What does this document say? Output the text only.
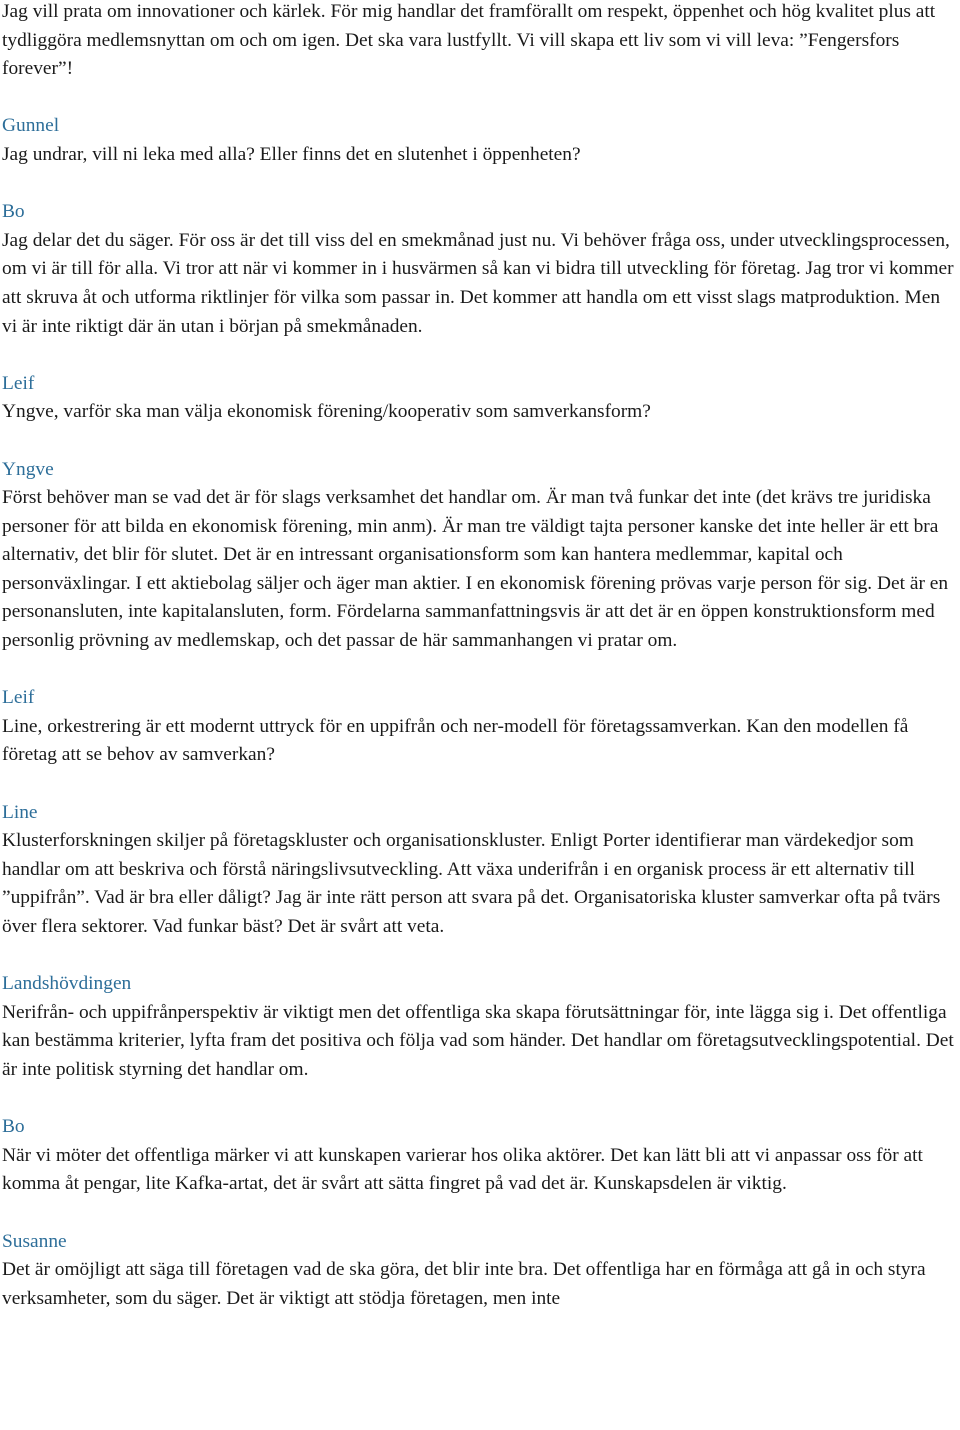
Jag vill prata om innovationer och kärlek. För mig handlar det framförallt om respekt, öppenhet och hög kvalitet plus att tydliggöra medlemsnyttan om och om igen. Det ska vara lustfyllt. Vi vill skapa ett liv som vi vill leva: ”Fengersfors forever”!

Gunnel

Jag undrar, vill ni leka med alla? Eller finns det en slutenhet i öppenheten?

Bo

Jag delar det du säger. För oss är det till viss del en smekmånad just nu. Vi behöver fråga oss, under utvecklingsprocessen, om vi är till för alla. Vi tror att när vi kommer in i husvärmen så kan vi bidra till utveckling för företag. Jag tror vi kommer att skruva åt och utforma riktlinjer för vilka som passar in. Det kommer att handla om ett visst slags matproduktion. Men vi är inte riktigt där än utan i början på smekmånaden.

Leif

Yngve, varför ska man välja ekonomisk förening/kooperativ som samverkansform?

Yngve

Först behöver man se vad det är för slags verksamhet det handlar om. Är man två funkar det inte (det krävs tre juridiska personer för att bilda en ekonomisk förening, min anm). Är man tre väldigt tajta personer kanske det inte heller är ett bra alternativ, det blir för slutet. Det är en intressant organisationsform som kan hantera medlemmar, kapital och personväxlingar. I ett aktiebolag säljer och äger man aktier. I en ekonomisk förening prövas varje person för sig. Det är en personansluten, inte kapitalansluten, form. Fördelarna sammanfattningsvis är att det är en öppen konstruktionsform med personlig prövning av medlemskap, och det passar de här sammanhangen vi pratar om.

Leif

Line, orkestrering är ett modernt uttryck för en uppifrån och ner-modell för företagssamverkan. Kan den modellen få företag att se behov av samverkan?

Line

Klusterforskningen skiljer på företagskluster och organisationskluster. Enligt Porter identifierar man värdekedjor som handlar om att beskriva och förstå näringslivsutveckling. Att växa underifrån i en organisk process är ett alternativ till ”uppifrån”. Vad är bra eller dåligt? Jag är inte rätt person att svara på det. Organisatoriska kluster samverkar ofta på tvärs över flera sektorer. Vad funkar bäst? Det är svårt att veta.

Landshövdingen

Nerifrån- och uppifrånperspektiv är viktigt men det offentliga ska skapa förutsättningar för, inte lägga sig i. Det offentliga kan bestämma kriterier, lyfta fram det positiva och följa vad som händer. Det handlar om företagsutvecklingspotential. Det är inte politisk styrning det handlar om.

Bo

När vi möter det offentliga märker vi att kunskapen varierar hos olika aktörer. Det kan lätt bli att vi anpassar oss för att komma åt pengar, lite Kafka-artat, det är svårt att sätta fingret på vad det är. Kunskapsdelen är viktig.

Susanne

Det är omöjligt att säga till företagen vad de ska göra, det blir inte bra. Det offentliga har en förmåga att gå in och styra verksamheter, som du säger. Det är viktigt att stödja företagen, men inte
